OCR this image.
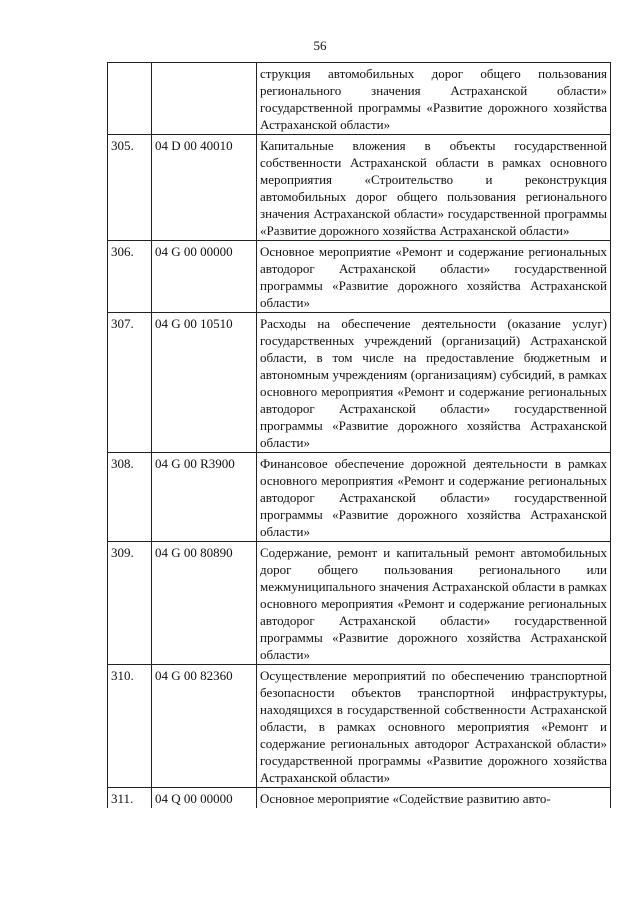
56
		струкция автомобильных дорог общего пользования регионального значения Астраханской области» государственной программы «Развитие дорожного хозяйства Астраханской области»
305.	04 D 00 40010	Капитальные вложения в объекты государственной собственности Астраханской области в рамках основного мероприятия «Строительство и реконструкция автомобильных дорог общего пользования регионального значения Астраханской области» государственной программы «Развитие дорожного хозяйства Астраханской области»
306.	04 G 00 00000	Основное мероприятие «Ремонт и содержание региональных автодорог Астраханской области» государственной программы «Развитие дорожного хозяйства Астраханской области»
307.	04 G 00 10510	Расходы на обеспечение деятельности (оказание услуг) государственных учреждений (организаций) Астраханской области, в том числе на предоставление бюджетным и автономным учреждениям (организациям) субсидий, в рамках основного мероприятия «Ремонт и содержание региональных автодорог Астраханской области» государственной программы «Развитие дорожного хозяйства Астраханской области»
308.	04 G 00 R3900	Финансовое обеспечение дорожной деятельности в рамках основного мероприятия «Ремонт и содержание региональных автодорог Астраханской области» государственной программы «Развитие дорожного хозяйства Астраханской области»
309.	04 G 00 80890	Содержание, ремонт и капитальный ремонт автомобильных дорог общего пользования регионального или межмуниципального значения Астраханской области в рамках основного мероприятия «Ремонт и содержание региональных автодорог Астраханской области» государственной программы «Развитие дорожного хозяйства Астраханской области»
310.	04 G 00 82360	Осуществление мероприятий по обеспечению транспортной безопасности объектов транспортной инфраструктуры, находящихся в государственной собственности Астраханской области, в рамках основного мероприятия «Ремонт и содержание региональных автодорог Астраханской области» государственной программы «Развитие дорожного хозяйства Астраханской области»
311.	04 Q 00 00000	Основное мероприятие «Содействие развитию авто-
